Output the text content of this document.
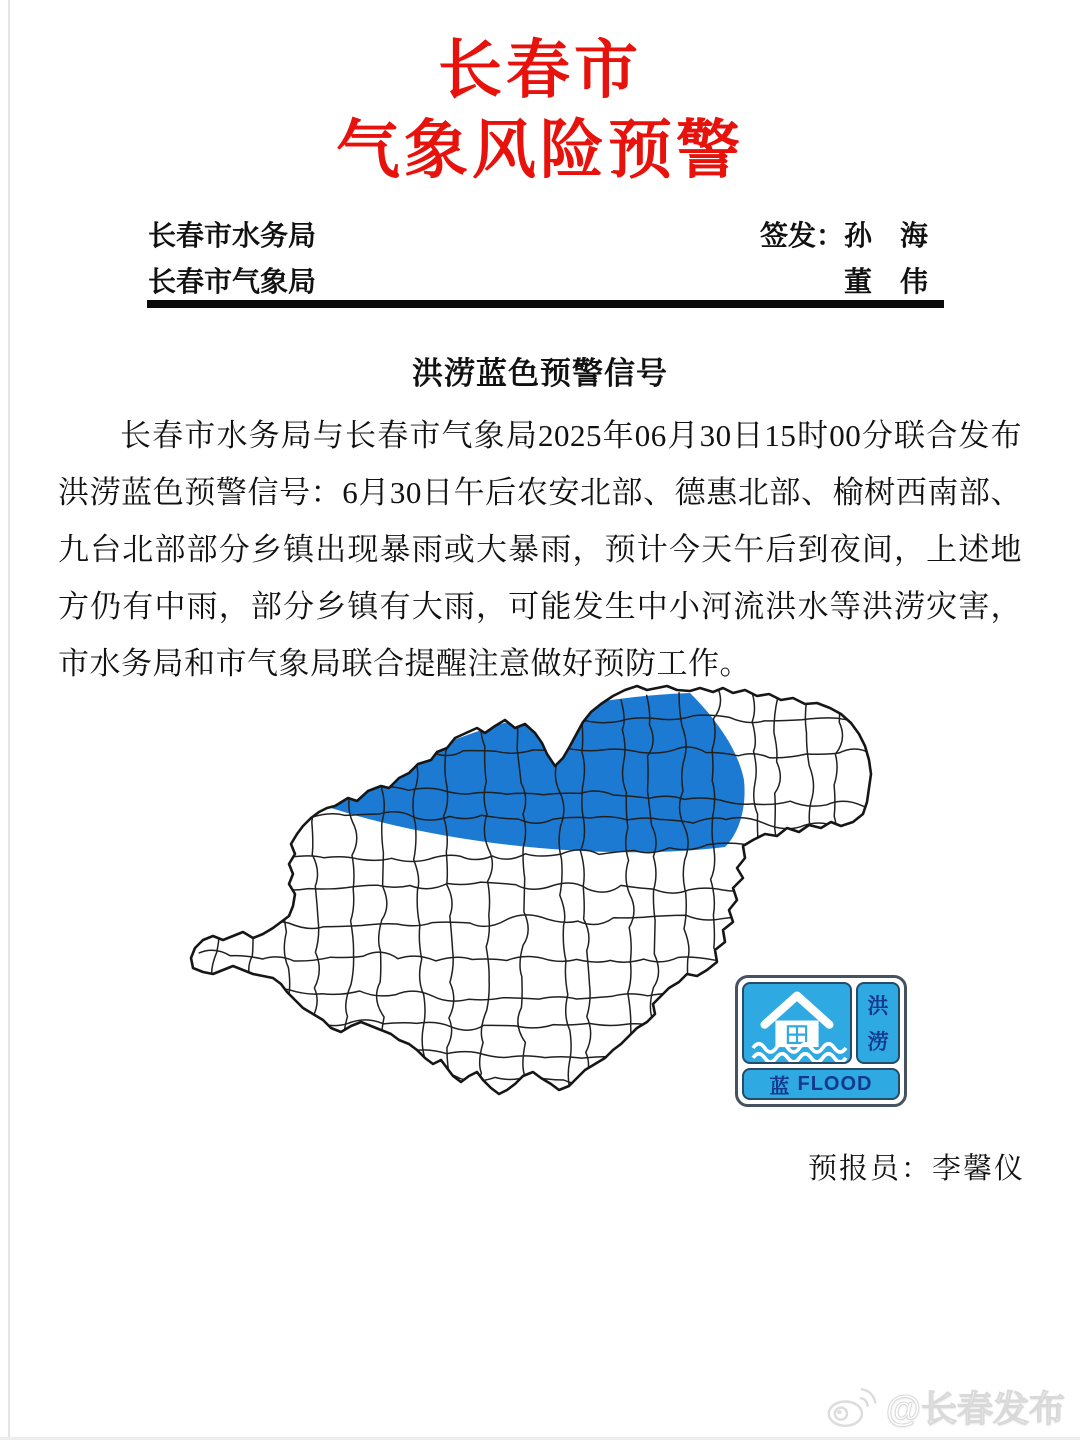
长春市
气象风险预警
长春市水务局
长春市气象局
签发：孙　海
董　伟
洪涝蓝色预警信号
长春市水务局与长春市气象局2025年06月30日15时00分联合发布洪涝蓝色预警信号：6月30日午后农安北部、德惠北部、榆树西南部、九台北部部分乡镇出现暴雨或大暴雨，预计今天午后到夜间，上述地方仍有中雨，部分乡镇有大雨，可能发生中小河流洪水等洪涝灾害，市水务局和市气象局联合提醒注意做好预防工作。
洪
涝
蓝 FLOOD
预报员：李馨仪
@长春发布
